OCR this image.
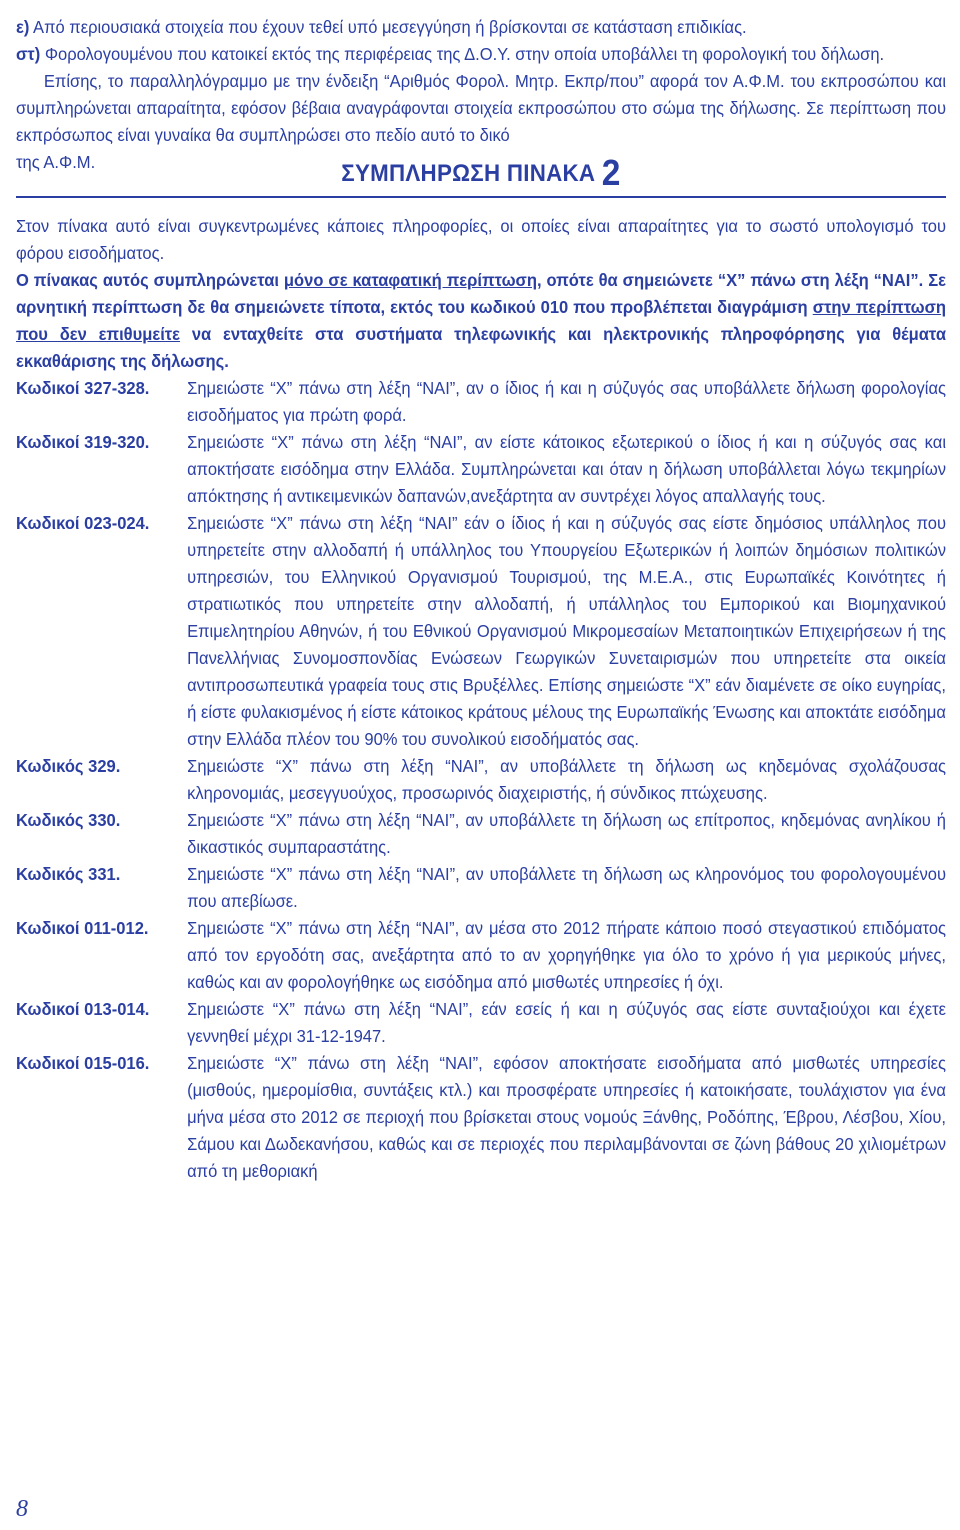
ε) Από περιουσιακά στοιχεία που έχουν τεθεί υπό μεσεγγύηση ή βρίσκονται σε κατάσταση επιδικίας.

στ) Φορολογουμένου που κατοικεί εκτός της περιφέρειας της Δ.Ο.Υ. στην οποία υποβάλλει τη φορολογική του δήλωση.

Επίσης, το παραλληλόγραμμο με την ένδειξη “Αριθμός Φορολ. Μητρ. Εκπρ/που” αφορά τον Α.Φ.Μ. του εκπροσώπου και συμπληρώνεται απαραίτητα, εφόσον βέβαια αναγράφονται στοιχεία εκπροσώπου στο σώμα της δήλωσης. Σε περίπτωση που εκπρόσωπος είναι γυναίκα θα συμπληρώσει στο πεδίο αυτό το δικό

της Α.Φ.Μ.	ΣΥΜΠΛΗΡΩΣΗ ΠΙΝΑΚΑ 2

Στον πίνακα αυτό είναι συγκεντρωμένες κάποιες πληροφορίες, οι οποίες είναι απαραίτητες για το σωστό υπολογισμό του φόρου εισοδήματος.

Ο πίνακας αυτός συμπληρώνεται μόνο σε καταφατική περίπτωση, οπότε θα σημειώνετε “Χ” πάνω στη λέξη “ΝΑΙ”. Σε αρνητική περίπτωση δε θα σημειώνετε τίποτα, εκτός του κωδικού 010 που προβλέπεται διαγράμιση στην περίπτωση που δεν επιθυμείτε να ενταχθείτε στα συστήματα τηλεφωνικής και ηλεκτρονικής πληροφόρησης για θέματα εκκαθάρισης της δήλωσης.

Κωδικοί 327-328.	Σημειώστε “Χ” πάνω στη λέξη “ΝΑΙ”, αν ο ίδιος ή και η σύζυγός σας υποβάλλετε δήλωση φορολογίας εισοδήματος για πρώτη φορά.
Κωδικοί 319-320.	Σημειώστε “Χ” πάνω στη λέξη “ΝΑΙ”, αν είστε κάτοικος εξωτερικού ο ίδιος ή και η σύζυγός σας και αποκτήσατε εισόδημα στην Ελλάδα. Συμπληρώνεται και όταν η δήλωση υποβάλλεται λόγω τεκμηρίων απόκτησης ή αντικειμενικών δαπανών,ανεξάρτητα αν συντρέχει λόγος απαλλαγής τους.
Κωδικοί 023-024.	Σημειώστε “Χ” πάνω στη λέξη “ΝΑΙ” εάν ο ίδιος ή και η σύζυγός σας είστε δημόσιος υπάλληλος που υπηρετείτε στην αλλοδαπή ή υπάλληλος του Υπουργείου Εξωτερικών ή λοιπών δημόσιων πολιτικών υπηρεσιών, του Ελληνικού Οργανισμού Τουρισμού, της Μ.Ε.Α., στις Ευρωπαϊκές Κοινότητες ή στρατιωτικός που υπηρετείτε στην αλλοδαπή, ή υπάλληλος του Εμπορικού και Βιομηχανικού Επιμελητηρίου Αθηνών, ή του Εθνικού Οργανισμού Μικρομεσαίων Μεταποιητικών Επιχειρήσεων ή της Πανελλήνιας Συνομοσπονδίας Ενώσεων Γεωργικών Συνεταιρισμών που υπηρετείτε στα οικεία αντιπροσωπευτικά γραφεία τους στις Βρυξέλλες. Επίσης σημειώστε “Χ” εάν διαμένετε σε οίκο ευγηρίας, ή είστε φυλακισμένος ή είστε κάτοικος κράτους μέλους της Ευρωπαϊκής Ένωσης και αποκτάτε εισόδημα στην Ελλάδα πλέον του 90% του συνολικού εισοδήματός σας.
Κωδικός 329.	Σημειώστε “Χ” πάνω στη λέξη “ΝΑΙ”, αν υποβάλλετε τη δήλωση ως κηδεμόνας σχολάζουσας κληρονομιάς, μεσεγγυούχος, προσωρινός διαχειριστής, ή σύνδικος πτώχευσης.
Κωδικός 330.	Σημειώστε “Χ” πάνω στη λέξη “ΝΑΙ”, αν υποβάλλετε τη δήλωση ως επίτροπος, κηδεμόνας ανηλίκου ή δικαστικός συμπαραστάτης.
Κωδικός 331.	Σημειώστε “Χ” πάνω στη λέξη “ΝΑΙ”, αν υποβάλλετε τη δήλωση ως κληρονόμος του φορολογουμένου που απεβίωσε.
Κωδικοί 011-012.	Σημειώστε “Χ” πάνω στη λέξη “ΝΑΙ”, αν μέσα στο 2012 πήρατε κάποιο ποσό στεγαστικού επιδόματος από τον εργοδότη σας, ανεξάρτητα από το αν χορηγήθηκε για όλο το χρόνο ή για μερικούς μήνες, καθώς και αν φορολογήθηκε ως εισόδημα από μισθωτές υπηρεσίες ή όχι.
Κωδικοί 013-014.	Σημειώστε “Χ” πάνω στη λέξη “ΝΑΙ”, εάν εσείς ή και η σύζυγός σας είστε συνταξιούχοι και έχετε γεννηθεί μέχρι 31-12-1947.
Κωδικοί 015-016.	Σημειώστε “Χ” πάνω στη λέξη “ΝΑΙ”, εφόσον αποκτήσατε εισοδήματα από μισθωτές υπηρεσίες (μισθούς, ημερομίσθια, συντάξεις κτλ.) και προσφέρατε υπηρεσίες ή κατοικήσατε, τουλάχιστον για ένα μήνα μέσα στο 2012 σε περιοχή που βρίσκεται στους νομούς Ξάνθης, Ροδόπης, Έβρου, Λέσβου, Χίου, Σάμου και Δωδεκανήσου, καθώς και σε περιοχές που περιλαμβάνονται σε ζώνη βάθους 20 χιλιομέτρων από τη μεθοριακή
8
